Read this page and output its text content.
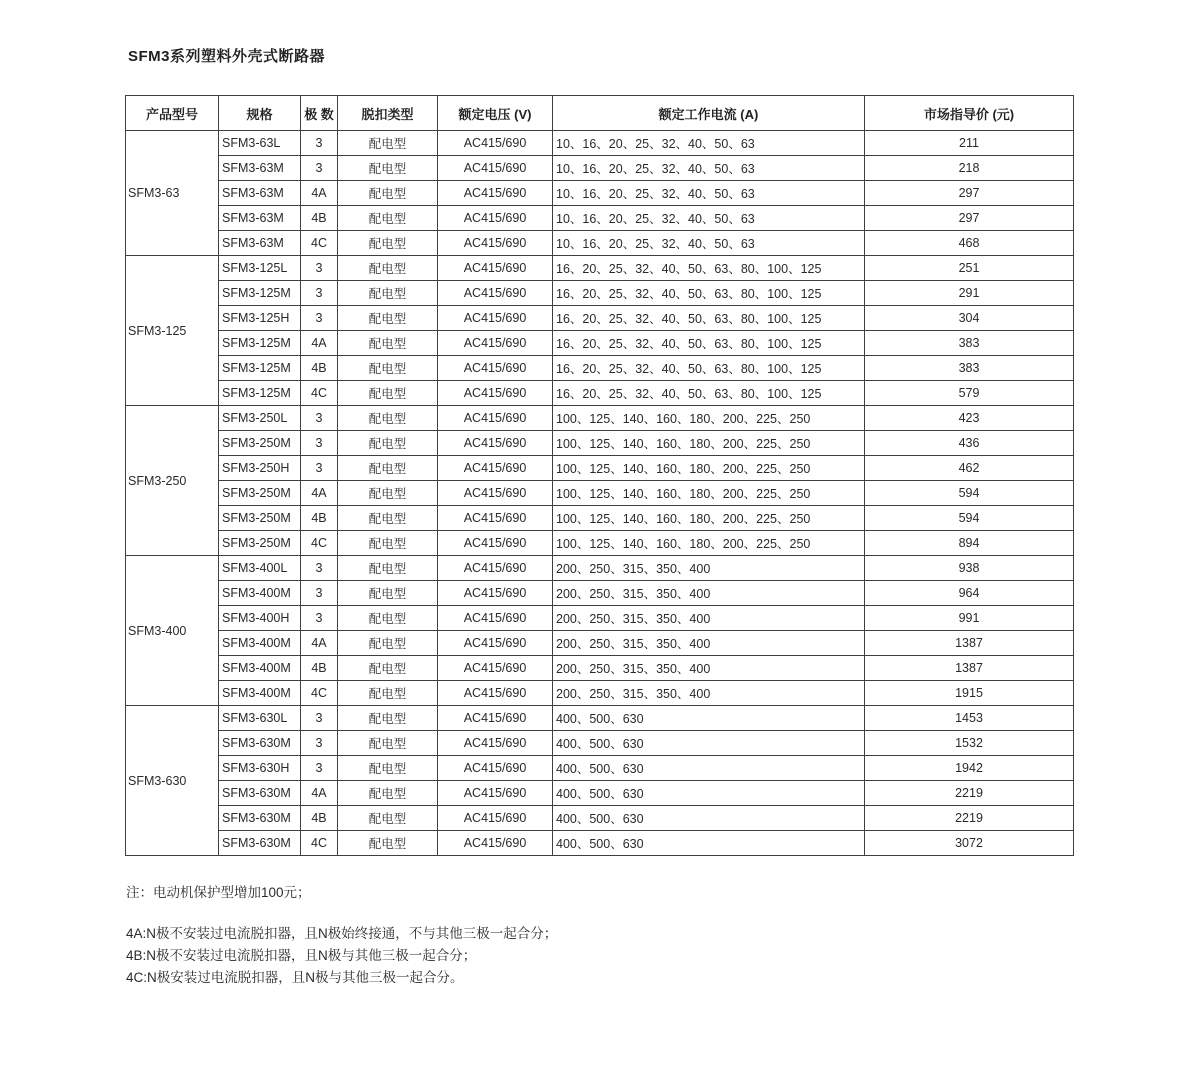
SFM3系列塑料外壳式断路器
产品型号	规格	极 数	脱扣类型	额定电压 (V)	额定工作电流 (A)	市场指导价 (元)
SFM3-63	SFM3-63L	3	配电型	AC415/690	10、16、20、25、32、40、50、63	211
	SFM3-63M	3	配电型	AC415/690	10、16、20、25、32、40、50、63	218
	SFM3-63M	4A	配电型	AC415/690	10、16、20、25、32、40、50、63	297
	SFM3-63M	4B	配电型	AC415/690	10、16、20、25、32、40、50、63	297
	SFM3-63M	4C	配电型	AC415/690	10、16、20、25、32、40、50、63	468
SFM3-125	SFM3-125L	3	配电型	AC415/690	16、20、25、32、40、50、63、80、100、125	251
	SFM3-125M	3	配电型	AC415/690	16、20、25、32、40、50、63、80、100、125	291
	SFM3-125H	3	配电型	AC415/690	16、20、25、32、40、50、63、80、100、125	304
	SFM3-125M	4A	配电型	AC415/690	16、20、25、32、40、50、63、80、100、125	383
	SFM3-125M	4B	配电型	AC415/690	16、20、25、32、40、50、63、80、100、125	383
	SFM3-125M	4C	配电型	AC415/690	16、20、25、32、40、50、63、80、100、125	579
SFM3-250	SFM3-250L	3	配电型	AC415/690	100、125、140、160、180、200、225、250	423
	SFM3-250M	3	配电型	AC415/690	100、125、140、160、180、200、225、250	436
	SFM3-250H	3	配电型	AC415/690	100、125、140、160、180、200、225、250	462
	SFM3-250M	4A	配电型	AC415/690	100、125、140、160、180、200、225、250	594
	SFM3-250M	4B	配电型	AC415/690	100、125、140、160、180、200、225、250	594
	SFM3-250M	4C	配电型	AC415/690	100、125、140、160、180、200、225、250	894
SFM3-400	SFM3-400L	3	配电型	AC415/690	200、250、315、350、400	938
	SFM3-400M	3	配电型	AC415/690	200、250、315、350、400	964
	SFM3-400H	3	配电型	AC415/690	200、250、315、350、400	991
	SFM3-400M	4A	配电型	AC415/690	200、250、315、350、400	1387
	SFM3-400M	4B	配电型	AC415/690	200、250、315、350、400	1387
	SFM3-400M	4C	配电型	AC415/690	200、250、315、350、400	1915
SFM3-630	SFM3-630L	3	配电型	AC415/690	400、500、630	1453
	SFM3-630M	3	配电型	AC415/690	400、500、630	1532
	SFM3-630H	3	配电型	AC415/690	400、500、630	1942
	SFM3-630M	4A	配电型	AC415/690	400、500、630	2219
	SFM3-630M	4B	配电型	AC415/690	400、500、630	2219
	SFM3-630M	4C	配电型	AC415/690	400、500、630	3072
注：电动机保护型增加100元；
4A:N极不安装过电流脱扣器，且N极始终接通，不与其他三极一起合分；
4B:N极不安装过电流脱扣器，且N极与其他三极一起合分；
4C:N极安装过电流脱扣器，且N极与其他三极一起合分。
